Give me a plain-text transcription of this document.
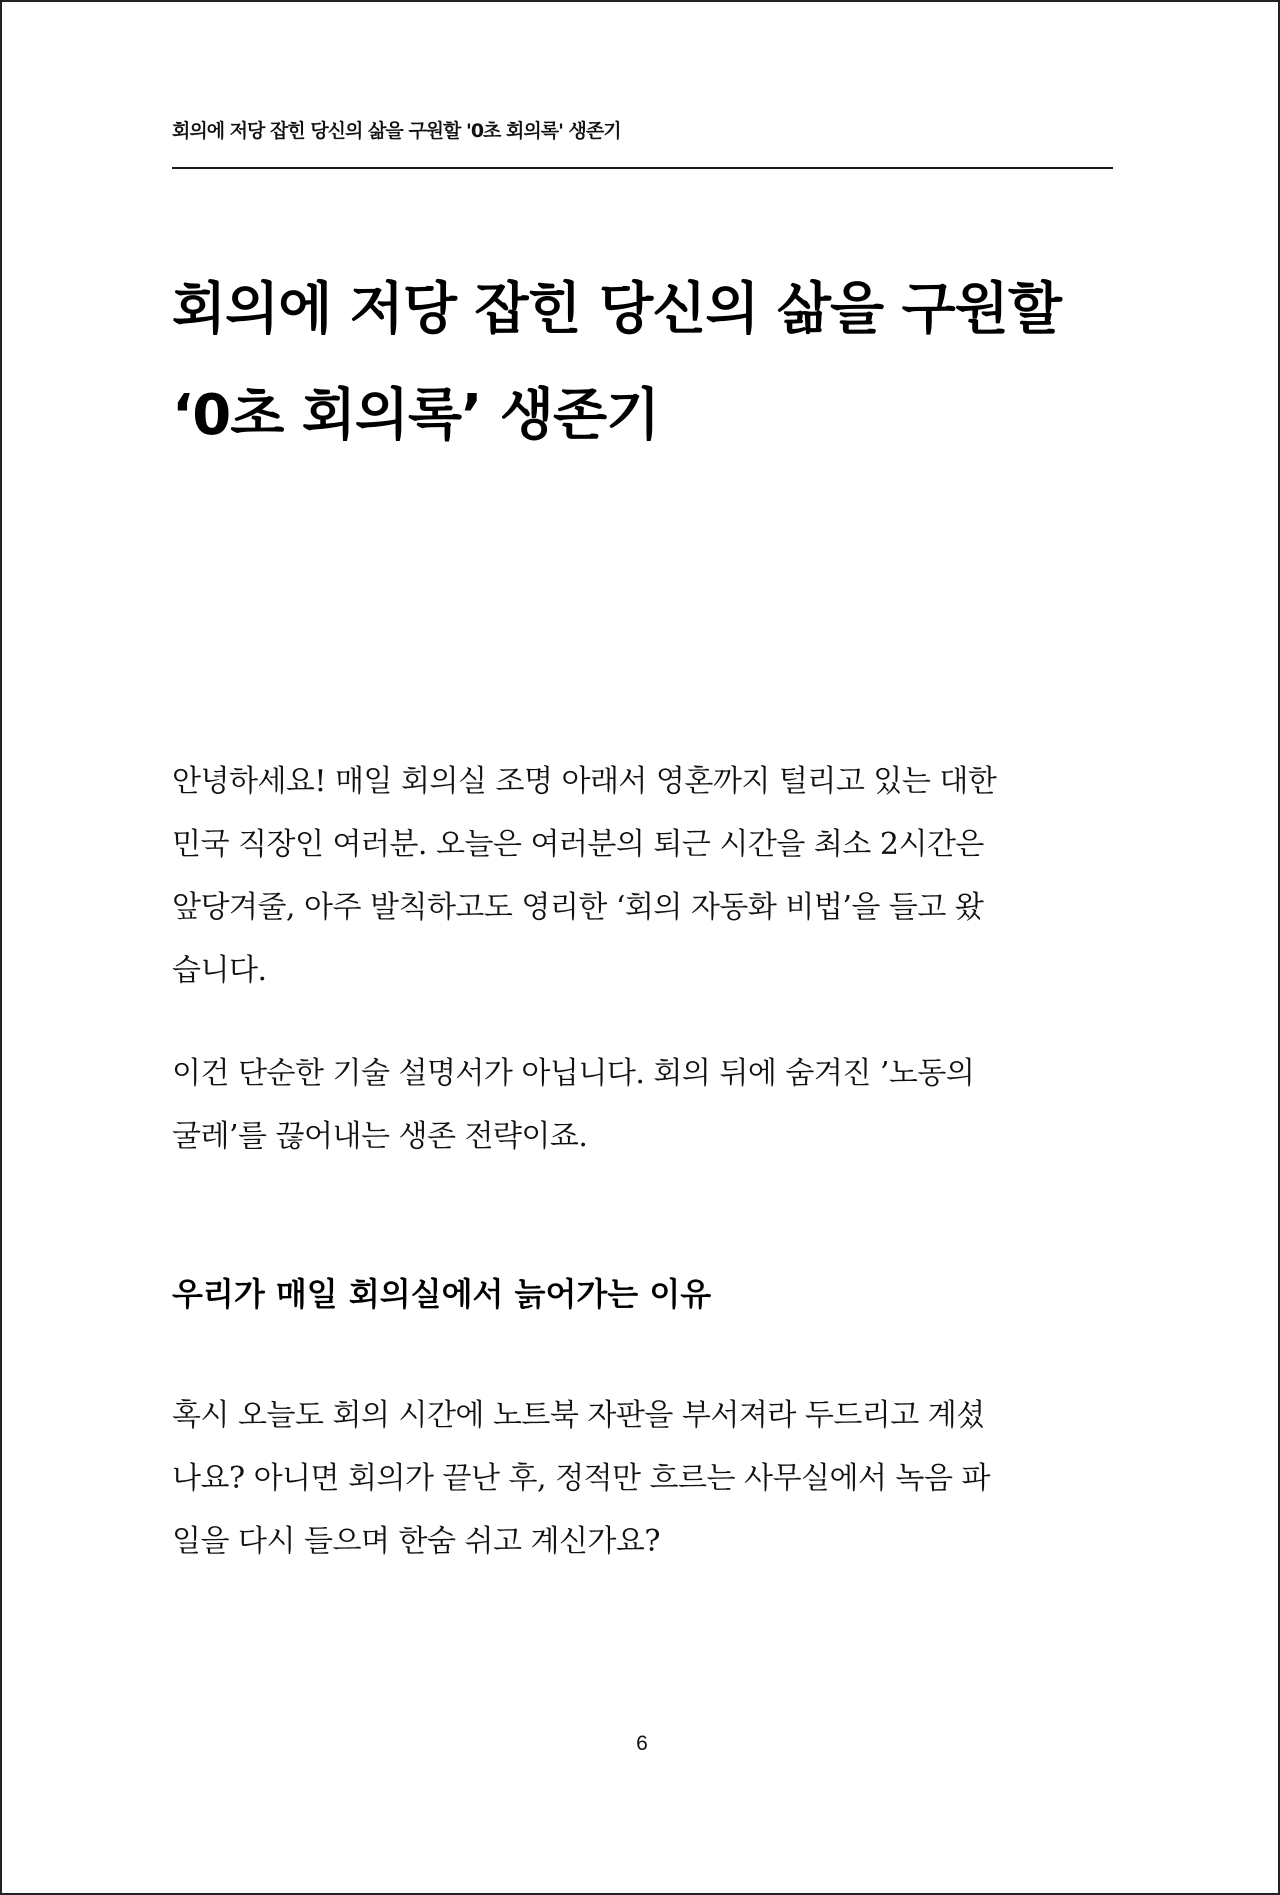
회의에 저당 잡힌 당신의 삶을 구원할 '0초 회의록' 생존기
회의에 저당 잡힌 당신의 삶을 구원할
‘0초 회의록’ 생존기

안녕하세요! 매일 회의실 조명 아래서 영혼까지 털리고 있는 대한
민국 직장인 여러분. 오늘은 여러분의 퇴근 시간을 최소 2시간은
앞당겨줄, 아주 발칙하고도 영리한 ‘회의 자동화 비법’을 들고 왔
습니다.

이건 단순한 기술 설명서가 아닙니다. 회의 뒤에 숨겨진 ’노동의
굴레’를 끊어내는 생존 전략이죠.

우리가 매일 회의실에서 늙어가는 이유

혹시 오늘도 회의 시간에 노트북 자판을 부서져라 두드리고 계셨
나요? 아니면 회의가 끝난 후, 정적만 흐르는 사무실에서 녹음 파
일을 다시 들으며 한숨 쉬고 계신가요?

6
